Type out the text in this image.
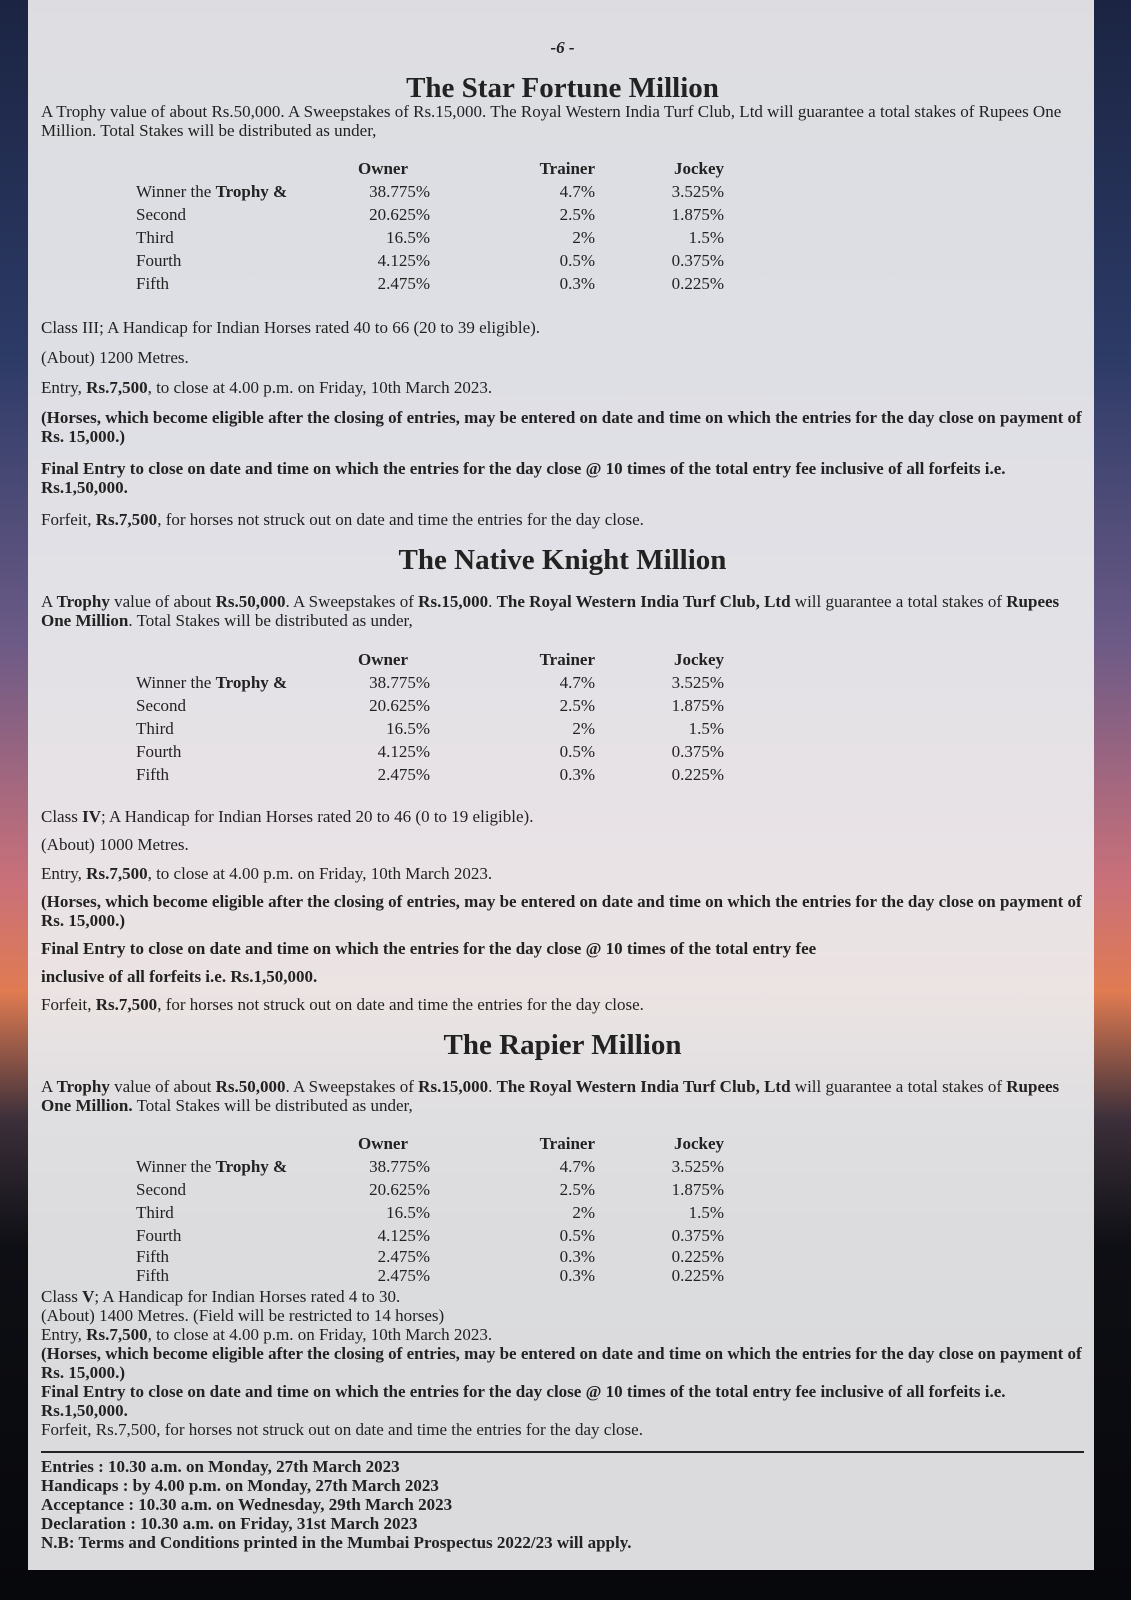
-6 -
The Star Fortune Million
A Trophy value of about Rs.50,000. A Sweepstakes of Rs.15,000. The Royal Western India Turf Club, Ltd will guarantee a total stakes of Rupees One Million. Total Stakes will be distributed as under,
	Owner	Trainer	Jockey
Winner the Trophy &	38.775%	4.7%	3.525%
Second	20.625%	2.5%	1.875%
Third	16.5%	2%	1.5%
Fourth	4.125%	0.5%	0.375%
Fifth	2.475%	0.3%	0.225%
Class III; A Handicap for Indian Horses rated 40 to 66 (20 to 39 eligible).
(About) 1200 Metres.
Entry, Rs.7,500, to close at 4.00 p.m. on Friday, 10th March 2023.
(Horses, which become eligible after the closing of entries, may be entered on date and time on which the entries for the day close on payment of Rs. 15,000.)
Final Entry to close on date and time on which the entries for the day close @ 10 times of the total entry fee inclusive of all forfeits i.e. Rs.1,50,000.
Forfeit, Rs.7,500, for horses not struck out on date and time the entries for the day close.
The Native Knight Million
A Trophy value of about Rs.50,000. A Sweepstakes of Rs.15,000. The Royal Western India Turf Club, Ltd will guarantee a total stakes of Rupees One Million. Total Stakes will be distributed as under,
	Owner	Trainer	Jockey
Winner the Trophy &	38.775%	4.7%	3.525%
Second	20.625%	2.5%	1.875%
Third	16.5%	2%	1.5%
Fourth	4.125%	0.5%	0.375%
Fifth	2.475%	0.3%	0.225%
Class IV; A Handicap for Indian Horses rated 20 to 46 (0 to 19 eligible).
(About) 1000 Metres.
Entry, Rs.7,500, to close at 4.00 p.m. on Friday, 10th March 2023.
(Horses, which become eligible after the closing of entries, may be entered on date and time on which the entries for the day close on payment of Rs. 15,000.)
Final Entry to close on date and time on which the entries for the day close @ 10 times of the total entry fee
inclusive of all forfeits i.e. Rs.1,50,000.
Forfeit, Rs.7,500, for horses not struck out on date and time the entries for the day close.
The Rapier Million
A Trophy value of about Rs.50,000. A Sweepstakes of Rs.15,000. The Royal Western India Turf Club, Ltd will guarantee a total stakes of Rupees One Million. Total Stakes will be distributed as under,
	Owner	Trainer	Jockey
Winner the Trophy &	38.775%	4.7%	3.525%
Second	20.625%	2.5%	1.875%
Third	16.5%	2%	1.5%
Fourth	4.125%	0.5%	0.375%
Fifth	2.475%	0.3%	0.225%
Fifth	2.475%	0.3%	0.225%
Class V; A Handicap for Indian Horses rated 4 to 30.
(About) 1400 Metres. (Field will be restricted to 14 horses)
Entry, Rs.7,500, to close at 4.00 p.m. on Friday, 10th March 2023.
(Horses, which become eligible after the closing of entries, may be entered on date and time on which the entries for the day close on payment of Rs. 15,000.)
Final Entry to close on date and time on which the entries for the day close @ 10 times of the total entry fee inclusive of all forfeits i.e. Rs.1,50,000.
Forfeit, Rs.7,500, for horses not struck out on date and time the entries for the day close.
Entries : 10.30 a.m. on Monday, 27th March 2023
Handicaps : by 4.00 p.m. on Monday, 27th March 2023
Acceptance : 10.30 a.m. on Wednesday, 29th March 2023
Declaration : 10.30 a.m. on Friday, 31st March 2023
N.B: Terms and Conditions printed in the Mumbai Prospectus 2022/23 will apply.
